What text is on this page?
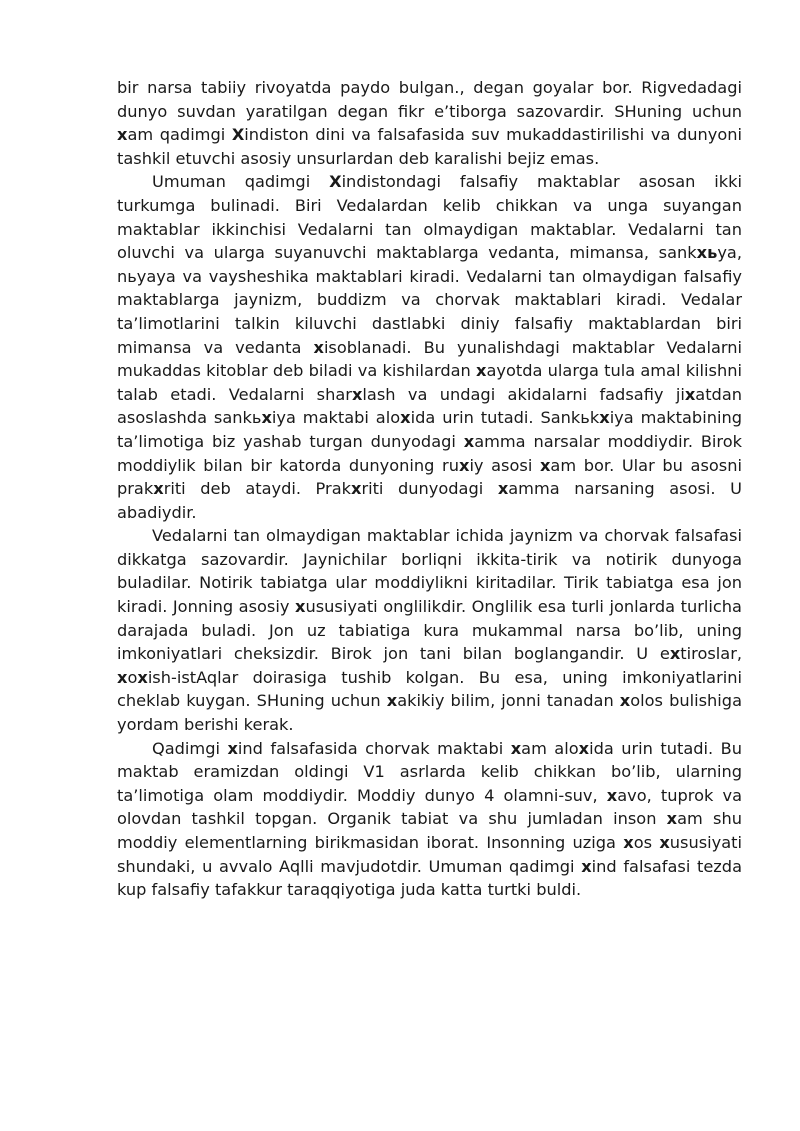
bir narsa tabiiy rivoyatda paydo bulgan., degan goyalar bor. Rigvedadagi dunyo suvdan yaratilgan degan fikr e’tiborga sazovardir. SHuning uchun xam qadimgi Xindiston dini va falsafasida suv mukaddastirilishi va dunyoni tashkil etuvchi asosiy unsurlardan deb karalishi bejiz emas.

Umuman qadimgi Xindistondagi falsafiy maktablar asosan ikki turkumga bulinadi. Biri Vedalardan kelib chikkan va unga suyangan maktablar ikkinchisi Vedalarni tan olmaydigan maktablar. Vedalarni tan oluvchi va ularga suyanuvchi maktablarga vedanta, mimansa, sankxьya, nьyaya va vaysheshika maktablari kiradi. Vedalarni tan olmaydigan falsafiy maktablarga jaynizm, buddizm va chorvak maktablari kiradi. Vedalar ta’limotlarini talkin kiluvchi dastlabki diniy falsafiy maktablardan biri mimansa va vedanta xisoblanadi. Bu yunalishdagi maktablar Vedalarni mukaddas kitoblar deb biladi va kishilardan xayotda ularga tula amal kilishni talab etadi. Vedalarni sharxlash va undagi akidalarni fadsafiy jixatdan asoslashda sankьxiya maktabi aloxida urin tutadi. Sankьkxiya maktabining ta’limotiga biz yashab turgan dunyodagi xamma narsalar moddiydir. Birok moddiylik bilan bir katorda dunyoning ruxiy asosi xam bor. Ular bu asosni prakxriti deb ataydi. Prakxriti dunyodagi xamma narsaning asosi. U abadiydir.

Vedalarni tan olmaydigan maktablar ichida jaynizm va chorvak falsafasi dikkatga sazovardir. Jaynichilar borliqni ikkita-tirik va notirik dunyoga buladilar. Notirik tabiatga ular moddiylikni kiritadilar. Tirik tabiatga esa jon kiradi. Jonning asosiy xususiyati onglilikdir. Onglilik esa turli jonlarda turlicha darajada buladi. Jon uz tabiatiga kura mukammal narsa bo’lib, uning imkoniyatlari cheksizdir. Birok jon tani bilan boglangandir. U extiroslar, xoxish-istAqlar doirasiga tushib kolgan. Bu esa, uning imkoniyatlarini cheklab kuygan. SHuning uchun xakikiy bilim, jonni tanadan xolos bulishiga yordam berishi kerak.

Qadimgi xind falsafasida chorvak maktabi xam aloxida urin tutadi. Bu maktab eramizdan oldingi V1 asrlarda kelib chikkan bo’lib, ularning ta’limotiga olam moddiydir. Moddiy dunyo 4 olamni-suv, xavo, tuprok va olovdan tashkil topgan. Organik tabiat va shu jumladan inson xam shu moddiy elementlarning birikmasidan iborat. Insonning uziga xos xususiyati shundaki, u avvalo Aqlli mavjudotdir. Umuman qadimgi xind falsafasi tezda kup falsafiy tafakkur taraqqiyotiga juda katta turtki buldi.
